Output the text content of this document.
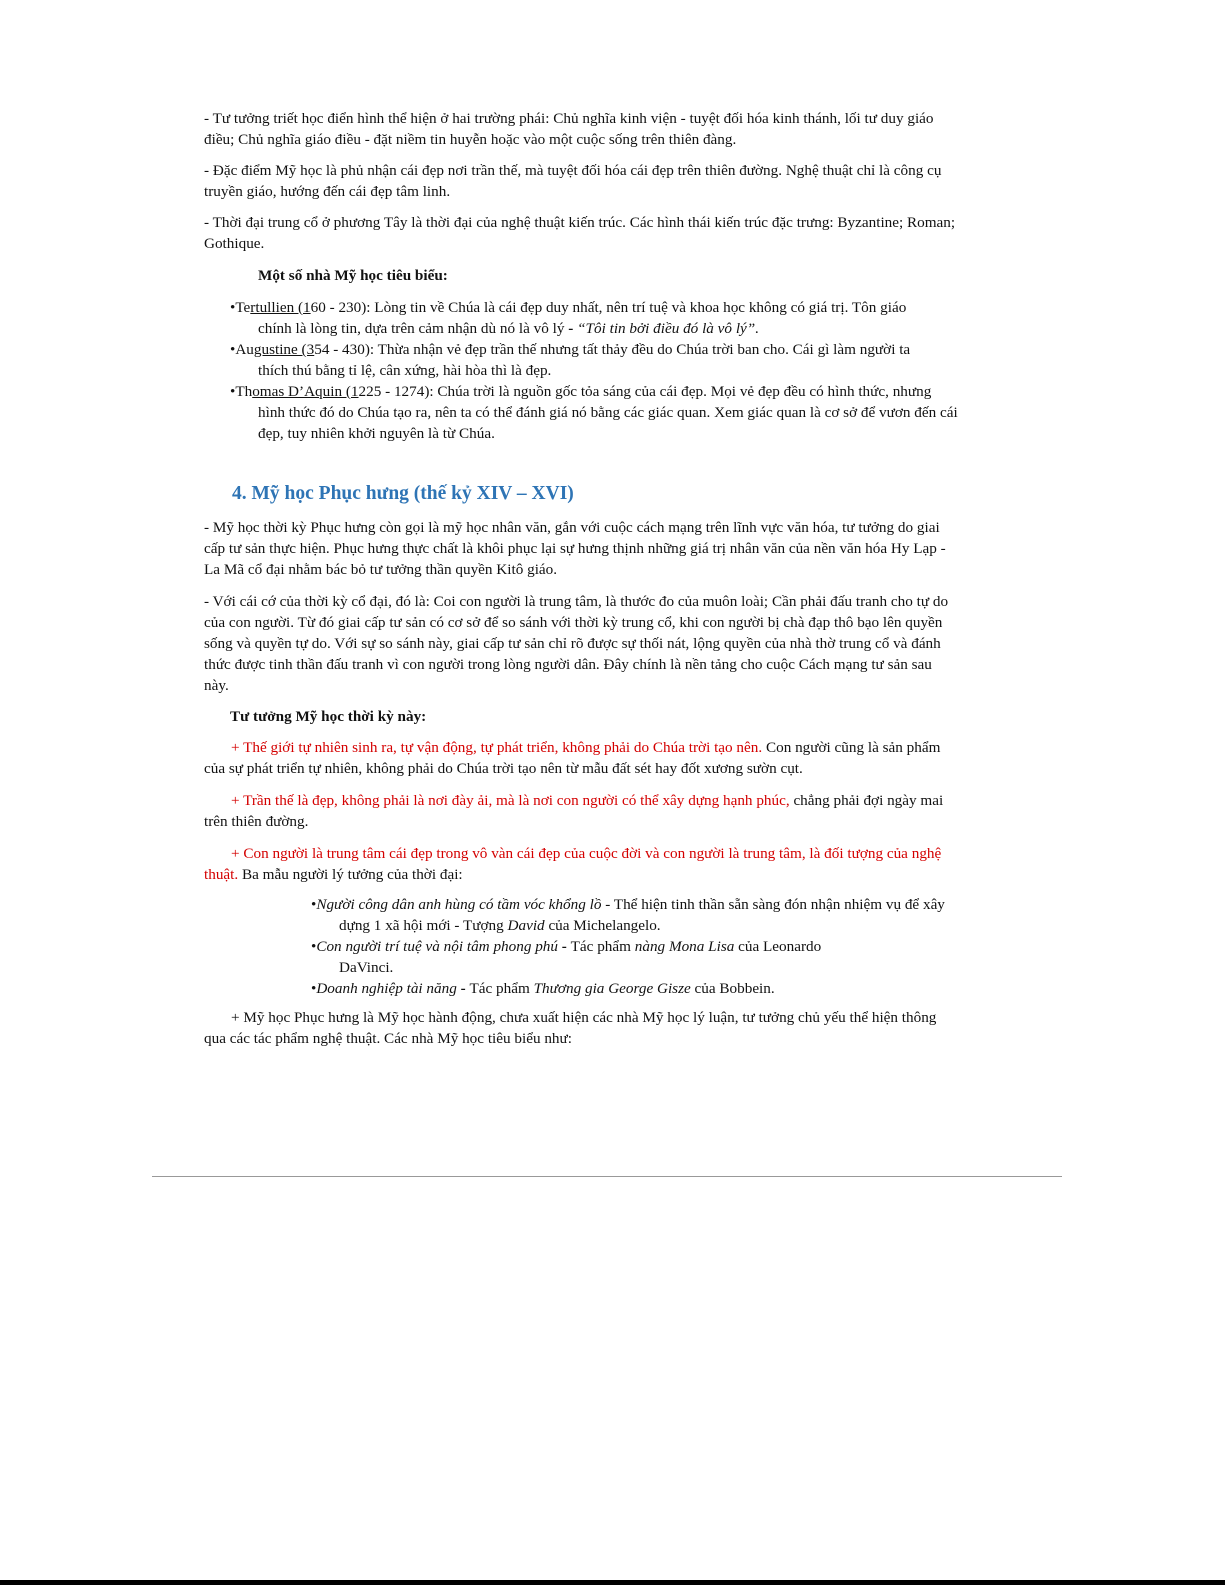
- Tư tưởng triết học điển hình thể hiện ở hai trường phái: Chủ nghĩa kinh viện - tuyệt đối hóa kinh thánh, lối tư duy giáo
điều; Chủ nghĩa giáo điều - đặt niềm tin huyễn hoặc vào một cuộc sống trên thiên đàng.

- Đặc điểm Mỹ học là phủ nhận cái đẹp nơi trần thế, mà tuyệt đối hóa cái đẹp trên thiên đường. Nghệ thuật chỉ là công cụ
truyền giáo, hướng đến cái đẹp tâm linh.

- Thời đại trung cổ ở phương Tây là thời đại của nghệ thuật kiến trúc. Các hình thái kiến trúc đặc trưng: Byzantine; Roman;
Gothique.

Một số nhà Mỹ học tiêu biểu:

•Tertullien (160 - 230): Lòng tin về Chúa là cái đẹp duy nhất, nên trí tuệ và khoa học không có giá trị. Tôn giáo
chính là lòng tin, dựa trên cảm nhận dù nó là vô lý - “Tôi tin bởi điều đó là vô lý”.
•Augustine (354 - 430): Thừa nhận vẻ đẹp trần thế nhưng tất thảy đều do Chúa trời ban cho. Cái gì làm người ta
thích thú bằng tỉ lệ, cân xứng, hài hòa thì là đẹp.
•Thomas D’Aquin (1225 - 1274): Chúa trời là nguồn gốc tỏa sáng của cái đẹp. Mọi vẻ đẹp đều có hình thức, nhưng
hình thức đó do Chúa tạo ra, nên ta có thể đánh giá nó bằng các giác quan. Xem giác quan là cơ sở để vươn đến cái
đẹp, tuy nhiên khởi nguyên là từ Chúa.
4. Mỹ học Phục hưng (thế kỷ XIV – XVI)

- Mỹ học thời kỳ Phục hưng còn gọi là mỹ học nhân văn, gắn với cuộc cách mạng trên lĩnh vực văn hóa, tư tưởng do giai
cấp tư sản thực hiện. Phục hưng thực chất là khôi phục lại sự hưng thịnh những giá trị nhân văn của nền văn hóa Hy Lạp -
La Mã cổ đại nhằm bác bỏ tư tưởng thần quyền Kitô giáo.

- Với cái cớ của thời kỳ cổ đại, đó là: Coi con người là trung tâm, là thước đo của muôn loài; Cần phải đấu tranh cho tự do
của con người. Từ đó giai cấp tư sản có cơ sở để so sánh với thời kỳ trung cổ, khi con người bị chà đạp thô bạo lên quyền
sống và quyền tự do. Với sự so sánh này, giai cấp tư sản chỉ rõ được sự thối nát, lộng quyền của nhà thờ trung cổ và đánh
thức được tinh thần đấu tranh vì con người trong lòng người dân. Đây chính là nền tảng cho cuộc Cách mạng tư sản sau
này.

Tư tưởng Mỹ học thời kỳ này:

+ Thế giới tự nhiên sinh ra, tự vận động, tự phát triển, không phải do Chúa trời tạo nên. Con người cũng là sản phẩm
của sự phát triển tự nhiên, không phải do Chúa trời tạo nên từ mẫu đất sét hay đốt xương sườn cụt.

+ Trần thế là đẹp, không phải là nơi đày ải, mà là nơi con người có thể xây dựng hạnh phúc, chẳng phải đợi ngày mai
trên thiên đường.

+ Con người là trung tâm cái đẹp trong vô vàn cái đẹp của cuộc đời và con người là trung tâm, là đối tượng của nghệ
thuật. Ba mẫu người lý tưởng của thời đại:

•Người công dân anh hùng có tầm vóc khổng lồ - Thể hiện tinh thần sẵn sàng đón nhận nhiệm vụ để xây
dựng 1 xã hội mới - Tượng David của Michelangelo.
•Con người trí tuệ và nội tâm phong phú - Tác phẩm nàng Mona Lisa của Leonardo
DaVinci.
•Doanh nghiệp tài năng - Tác phẩm Thương gia George Gisze của Bobbein.

+ Mỹ học Phục hưng là Mỹ học hành động, chưa xuất hiện các nhà Mỹ học lý luận, tư tưởng chủ yếu thể hiện thông
qua các tác phẩm nghệ thuật. Các nhà Mỹ học tiêu biểu như:
